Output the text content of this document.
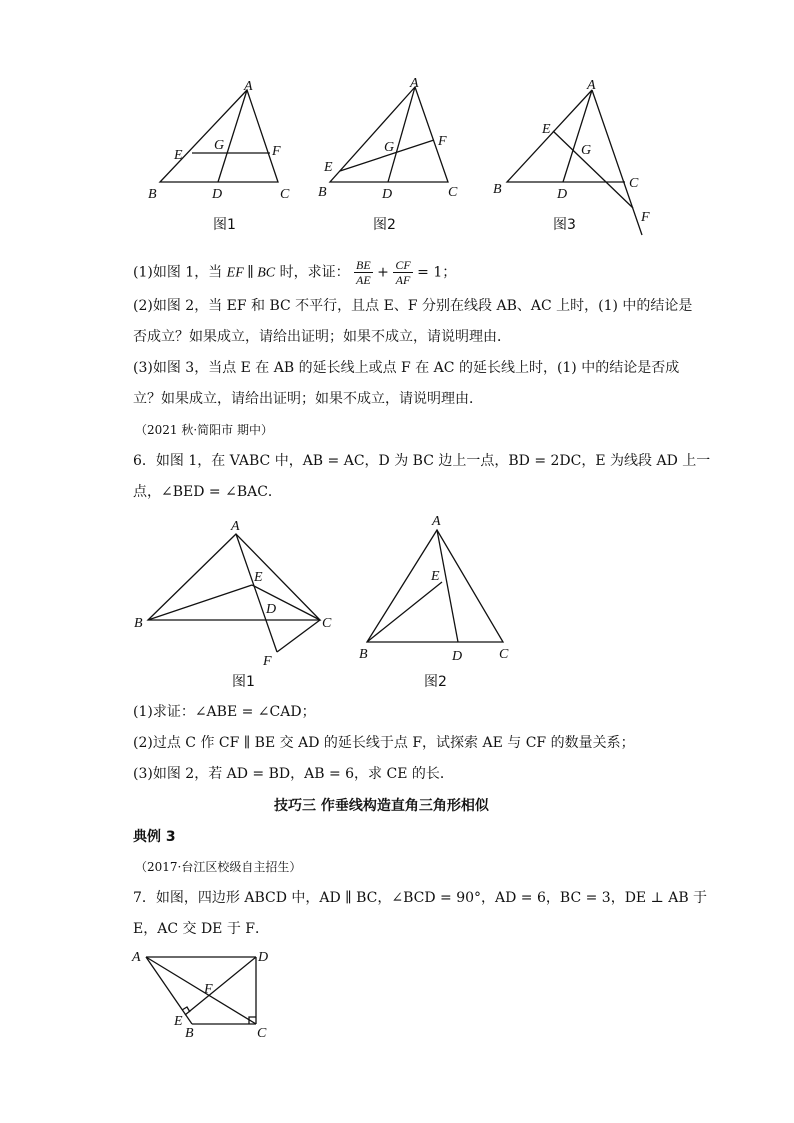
A
B	C
D
E	F
G
图1
A
B	C
D
E
F
G
图2
A
B	C
D
E
F
G
图3
(1)如图 1，当 EF ∥ BC 时，求证： $\frac{BE}{AE} + \frac{CF}{AF} = 1$；
(2)如图 2，当 EF 和 BC 不平行，且点 E、F 分别在线段 AB、AC 上时，(1) 中的结论是
否成立？如果成立，请给出证明；如果不成立，请说明理由．
(3)如图 3，当点 E 在 AB 的延长线上或点 F 在 AC 的延长线上时，(1) 中的结论是否成
立？如果成立，请给出证明；如果不成立，请说明理由．
（2021 秋·简阳市 期中）
6．如图 1，在 VABC 中，AB = AC，D 为 BC 边上一点，BD = 2DC，E 为线段 AD 上一
点，∠BED = ∠BAC．
A
B	C
D
E
F
图1
A
B	C
D
E
图2
(1)求证：∠ABE = ∠CAD；
(2)过点 C 作 CF ∥ BE 交 AD 的延长线于点 F，试探索 AE 与 CF 的数量关系；
(3)如图 2，若 AD = BD，AB = 6，求 CE 的长．
技巧三 作垂线构造直角三角形相似
典例 3
（2017·台江区校级自主招生）
7．如图，四边形 ABCD 中，AD ∥ BC，∠BCD = 90°，AD = 6，BC = 3，DE ⊥ AB 于
E，AC 交 DE 于 F．
A
B	C
D
E
F
